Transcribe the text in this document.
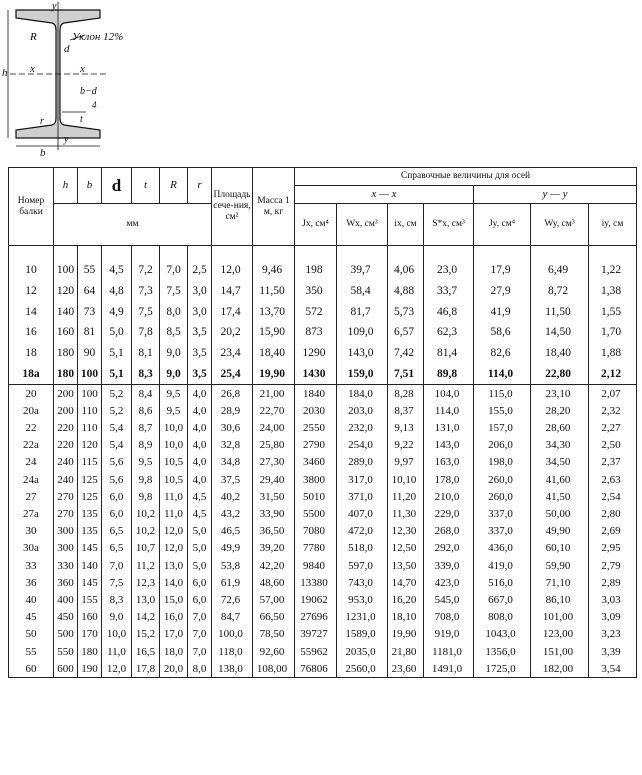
y
R
d
Уклон 12%
h x	x
b−d
4
t
r
y
b
Номер балки	h	b	d	t	R	r	Площадь сече-ния, см²	Масса 1 м, кг	Справочные величины для осей						
									x — x				y — y		
	мм								Jx, см⁴	Wx, см³	ix, см	S*x, см³	Jy, см⁴	Wy, см³	iy, см
10	100	55	4,5	7,2	7,0	2,5	12,0	9,46	198	39,7	4,06	23,0	17,9	6,49	1,22
12	120	64	4,8	7,3	7,5	3,0	14,7	11,50	350	58,4	4,88	33,7	27,9	8,72	1,38
14	140	73	4,9	7,5	8,0	3,0	17,4	13,70	572	81,7	5,73	46,8	41,9	11,50	1,55
16	160	81	5,0	7,8	8,5	3,5	20,2	15,90	873	109,0	6,57	62,3	58,6	14,50	1,70
18	180	90	5,1	8,1	9,0	3,5	23,4	18,40	1290	143,0	7,42	81,4	82,6	18,40	1,88
18а	180	100	5,1	8,3	9,0	3,5	25,4	19,90	1430	159,0	7,51	89,8	114,0	22,80	2,12
20	200	100	5,2	8,4	9,5	4,0	26,8	21,00	1840	184,0	8,28	104,0	115,0	23,10	2,07
20а	200	110	5,2	8,6	9,5	4,0	28,9	22,70	2030	203,0	8,37	114,0	155,0	28,20	2,32
22	220	110	5,4	8,7	10,0	4,0	30,6	24,00	2550	232,0	9,13	131,0	157,0	28,60	2,27
22а	220	120	5,4	8,9	10,0	4,0	32,8	25,80	2790	254,0	9,22	143,0	206,0	34,30	2,50
24	240	115	5,6	9,5	10,5	4,0	34,8	27,30	3460	289,0	9,97	163,0	198,0	34,50	2,37
24а	240	125	5,6	9,8	10,5	4,0	37,5	29,40	3800	317,0	10,10	178,0	260,0	41,60	2,63
27	270	125	6,0	9,8	11,0	4,5	40,2	31,50	5010	371,0	11,20	210,0	260,0	41,50	2,54
27а	270	135	6,0	10,2	11,0	4,5	43,2	33,90	5500	407,0	11,30	229,0	337,0	50,00	2,80
30	300	135	6,5	10,2	12,0	5,0	46,5	36,50	7080	472,0	12,30	268,0	337,0	49,90	2,69
30а	300	145	6,5	10,7	12,0	5,0	49,9	39,20	7780	518,0	12,50	292,0	436,0	60,10	2,95
33	330	140	7,0	11,2	13,0	5,0	53,8	42,20	9840	597,0	13,50	339,0	419,0	59,90	2,79
36	360	145	7,5	12,3	14,0	6,0	61,9	48,60	13380	743,0	14,70	423,0	516,0	71,10	2,89
40	400	155	8,3	13,0	15,0	6,0	72,6	57,00	19062	953,0	16,20	545,0	667,0	86,10	3,03
45	450	160	9,0	14,2	16,0	7,0	84,7	66,50	27696	1231,0	18,10	708,0	808,0	101,00	3,09
50	500	170	10,0	15,2	17,0	7,0	100,0	78,50	39727	1589,0	19,90	919,0	1043,0	123,00	3,23
55	550	180	11,0	16,5	18,0	7,0	118,0	92,60	55962	2035,0	21,80	1181,0	1356,0	151,00	3,39
60	600	190	12,0	17,8	20,0	8,0	138,0	108,00	76806	2560,0	23,60	1491,0	1725,0	182,00	3,54
